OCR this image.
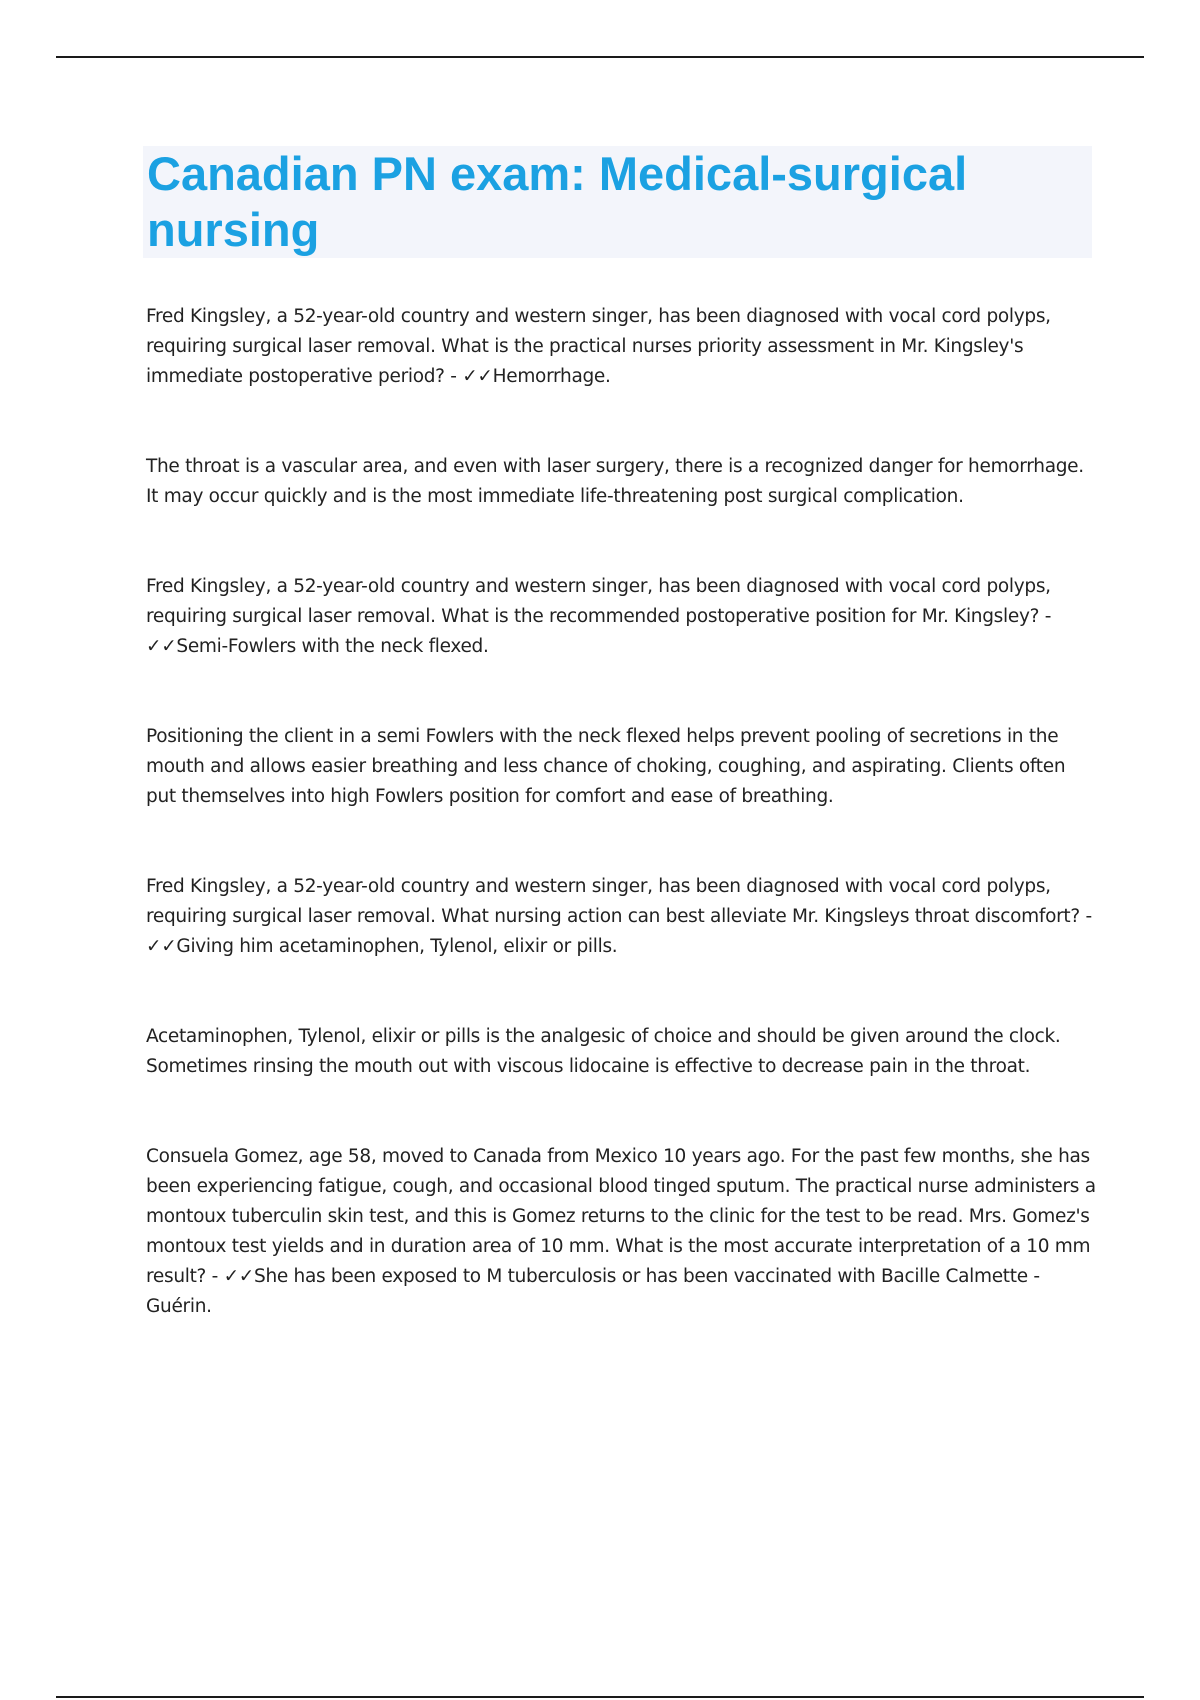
Canadian PN exam: Medical-surgical nursing

Fred Kingsley, a 52-year-old country and western singer, has been diagnosed with vocal cord polyps, requiring surgical laser removal. What is the practical nurses priority assessment in Mr. Kingsley's immediate postoperative period? - ✓✓Hemorrhage.

The throat is a vascular area, and even with laser surgery, there is a recognized danger for hemorrhage. It may occur quickly and is the most immediate life-threatening post surgical complication.

Fred Kingsley, a 52-year-old country and western singer, has been diagnosed with vocal cord polyps, requiring surgical laser removal. What is the recommended postoperative position for Mr. Kingsley? - ✓✓Semi-Fowlers with the neck flexed.

Positioning the client in a semi Fowlers with the neck flexed helps prevent pooling of secretions in the mouth and allows easier breathing and less chance of choking, coughing, and aspirating. Clients often put themselves into high Fowlers position for comfort and ease of breathing.

Fred Kingsley, a 52-year-old country and western singer, has been diagnosed with vocal cord polyps, requiring surgical laser removal. What nursing action can best alleviate Mr. Kingsleys throat discomfort? - ✓✓Giving him acetaminophen, Tylenol, elixir or pills.

Acetaminophen, Tylenol, elixir or pills is the analgesic of choice and should be given around the clock. Sometimes rinsing the mouth out with viscous lidocaine is effective to decrease pain in the throat.

Consuela Gomez, age 58, moved to Canada from Mexico 10 years ago. For the past few months, she has been experiencing fatigue, cough, and occasional blood tinged sputum. The practical nurse administers a montoux tuberculin skin test, and this is Gomez returns to the clinic for the test to be read. Mrs. Gomez's montoux test yields and in duration area of 10 mm. What is the most accurate interpretation of a 10 mm result? - ✓✓She has been exposed to M tuberculosis or has been vaccinated with Bacille Calmette - Guérin.
